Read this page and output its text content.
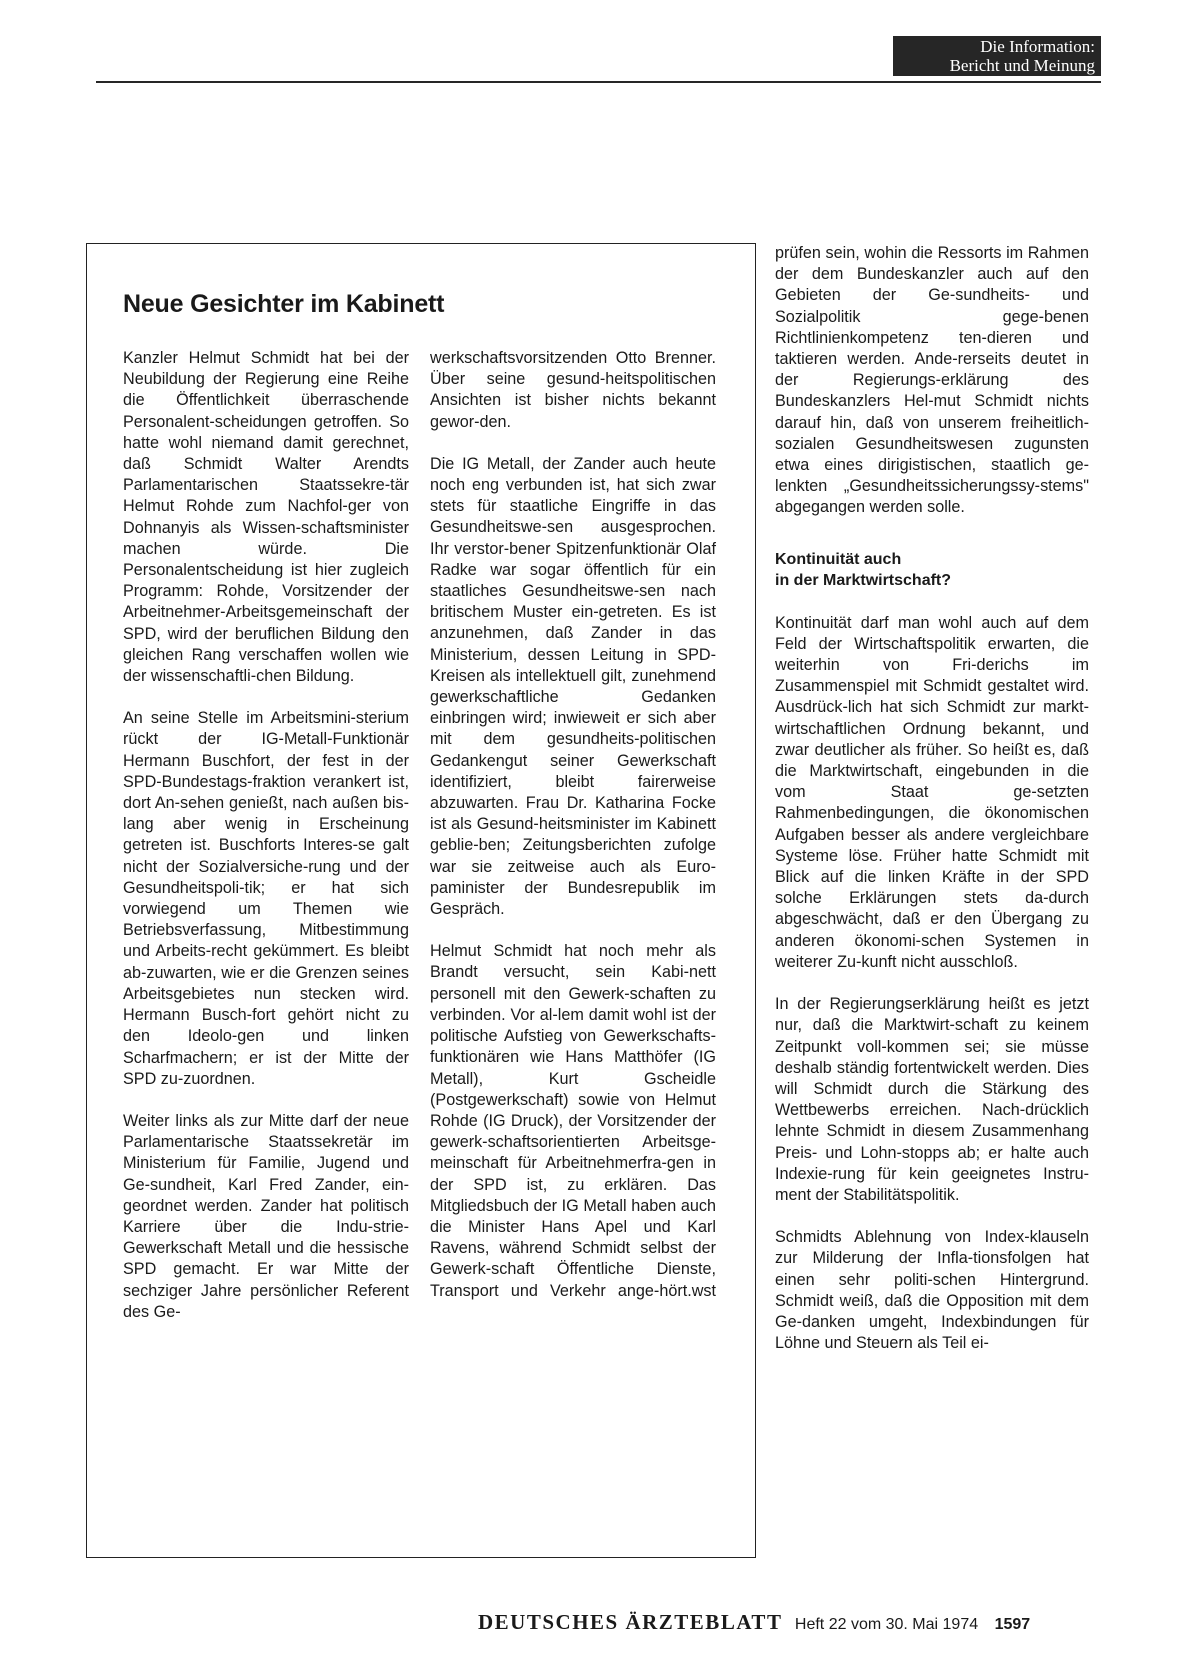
Die Information:
Bericht und Meinung
Neue Gesichter im Kabinett

Kanzler Helmut Schmidt hat bei der Neubildung der Regierung eine Reihe die Öffentlichkeit überraschende Personalent-scheidungen getroffen. So hatte wohl niemand damit gerechnet, daß Schmidt Walter Arendts Parlamentarischen Staatssekre-tär Helmut Rohde zum Nachfol-ger von Dohnanyis als Wissen-schaftsminister machen würde. Die Personalentscheidung ist hier zugleich Programm: Rohde, Vorsitzender der Arbeitnehmer-Arbeitsgemeinschaft der SPD, wird der beruflichen Bildung den gleichen Rang verschaffen wollen wie der wissenschaftli-chen Bildung.

An seine Stelle im Arbeitsmini-sterium rückt der IG-Metall-Funktionär Hermann Buschfort, der fest in der SPD-Bundestags-fraktion verankert ist, dort An-sehen genießt, nach außen bis-lang aber wenig in Erscheinung getreten ist. Buschforts Interes-se galt nicht der Sozialversiche-rung und der Gesundheitspoli-tik; er hat sich vorwiegend um Themen wie Betriebsverfassung, Mitbestimmung und Arbeits-recht gekümmert. Es bleibt ab-zuwarten, wie er die Grenzen seines Arbeitsgebietes nun stecken wird. Hermann Busch-fort gehört nicht zu den Ideolo-gen und linken Scharfmachern; er ist der Mitte der SPD zu-zuordnen.

Weiter links als zur Mitte darf der neue Parlamentarische Staatssekretär im Ministerium für Familie, Jugend und Ge-sundheit, Karl Fred Zander, ein-geordnet werden. Zander hat politisch Karriere über die Indu-strie-Gewerkschaft Metall und die hessische SPD gemacht. Er war Mitte der sechziger Jahre persönlicher Referent des Ge-

werkschaftsvorsitzenden Otto Brenner. Über seine gesund-heitspolitischen Ansichten ist bisher nichts bekannt gewor-den.

Die IG Metall, der Zander auch heute noch eng verbunden ist, hat sich zwar stets für staatliche Eingriffe in das Gesundheitswe-sen ausgesprochen. Ihr verstor-bener Spitzenfunktionär Olaf Radke war sogar öffentlich für ein staatliches Gesundheitswe-sen nach britischem Muster ein-getreten. Es ist anzunehmen, daß Zander in das Ministerium, dessen Leitung in SPD-Kreisen als intellektuell gilt, zunehmend gewerkschaftliche Gedanken einbringen wird; inwieweit er sich aber mit dem gesundheits-politischen Gedankengut seiner Gewerkschaft identifiziert, bleibt fairerweise abzuwarten. Frau Dr. Katharina Focke ist als Gesund-heitsminister im Kabinett geblie-ben; Zeitungsberichten zufolge war sie zeitweise auch als Euro-paminister der Bundesrepublik im Gespräch.

Helmut Schmidt hat noch mehr als Brandt versucht, sein Kabi-nett personell mit den Gewerk-schaften zu verbinden. Vor al-lem damit wohl ist der politische Aufstieg von Gewerkschafts-funktionären wie Hans Matthöfer (IG Metall), Kurt Gscheidle (Postgewerkschaft) sowie von Helmut Rohde (IG Druck), der Vorsitzender der gewerk-schaftsorientierten Arbeitsge-meinschaft für Arbeitnehmerfra-gen in der SPD ist, zu erklären. Das Mitgliedsbuch der IG Metall haben auch die Minister Hans Apel und Karl Ravens, während Schmidt selbst der Gewerk-schaft Öffentliche Dienste, Transport und Verkehr ange-hört. wst

prüfen sein, wohin die Ressorts im Rahmen der dem Bundeskanzler auch auf den Gebieten der Ge-sundheits- und Sozialpolitik gege-benen Richtlinienkompetenz ten-dieren und taktieren werden. Ande-rerseits deutet in der Regierungs-erklärung des Bundeskanzlers Hel-mut Schmidt nichts darauf hin, daß von unserem freiheitlich-sozialen Gesundheitswesen zugunsten etwa eines dirigistischen, staatlich ge-lenkten „Gesundheitssicherungssy-stems" abgegangen werden solle.

Kontinuität auch
in der Marktwirtschaft?

Kontinuität darf man wohl auch auf dem Feld der Wirtschaftspolitik erwarten, die weiterhin von Fri-derichs im Zusammenspiel mit Schmidt gestaltet wird. Ausdrück-lich hat sich Schmidt zur markt-wirtschaftlichen Ordnung bekannt, und zwar deutlicher als früher. So heißt es, daß die Marktwirtschaft, eingebunden in die vom Staat ge-setzten Rahmenbedingungen, die ökonomischen Aufgaben besser als andere vergleichbare Systeme löse. Früher hatte Schmidt mit Blick auf die linken Kräfte in der SPD solche Erklärungen stets da-durch abgeschwächt, daß er den Übergang zu anderen ökonomi-schen Systemen in weiterer Zu-kunft nicht ausschloß.

In der Regierungserklärung heißt es jetzt nur, daß die Marktwirt-schaft zu keinem Zeitpunkt voll-kommen sei; sie müsse deshalb ständig fortentwickelt werden. Dies will Schmidt durch die Stärkung des Wettbewerbs erreichen. Nach-drücklich lehnte Schmidt in diesem Zusammenhang Preis- und Lohn-stopps ab; er halte auch Indexie-rung für kein geeignetes Instru-ment der Stabilitätspolitik.

Schmidts Ablehnung von Index-klauseln zur Milderung der Infla-tionsfolgen hat einen sehr politi-schen Hintergrund. Schmidt weiß, daß die Opposition mit dem Ge-danken umgeht, Indexbindungen für Löhne und Steuern als Teil ei-

DEUTSCHES ÄRZTEBLATT Heft 22 vom 30. Mai 1974 1597
